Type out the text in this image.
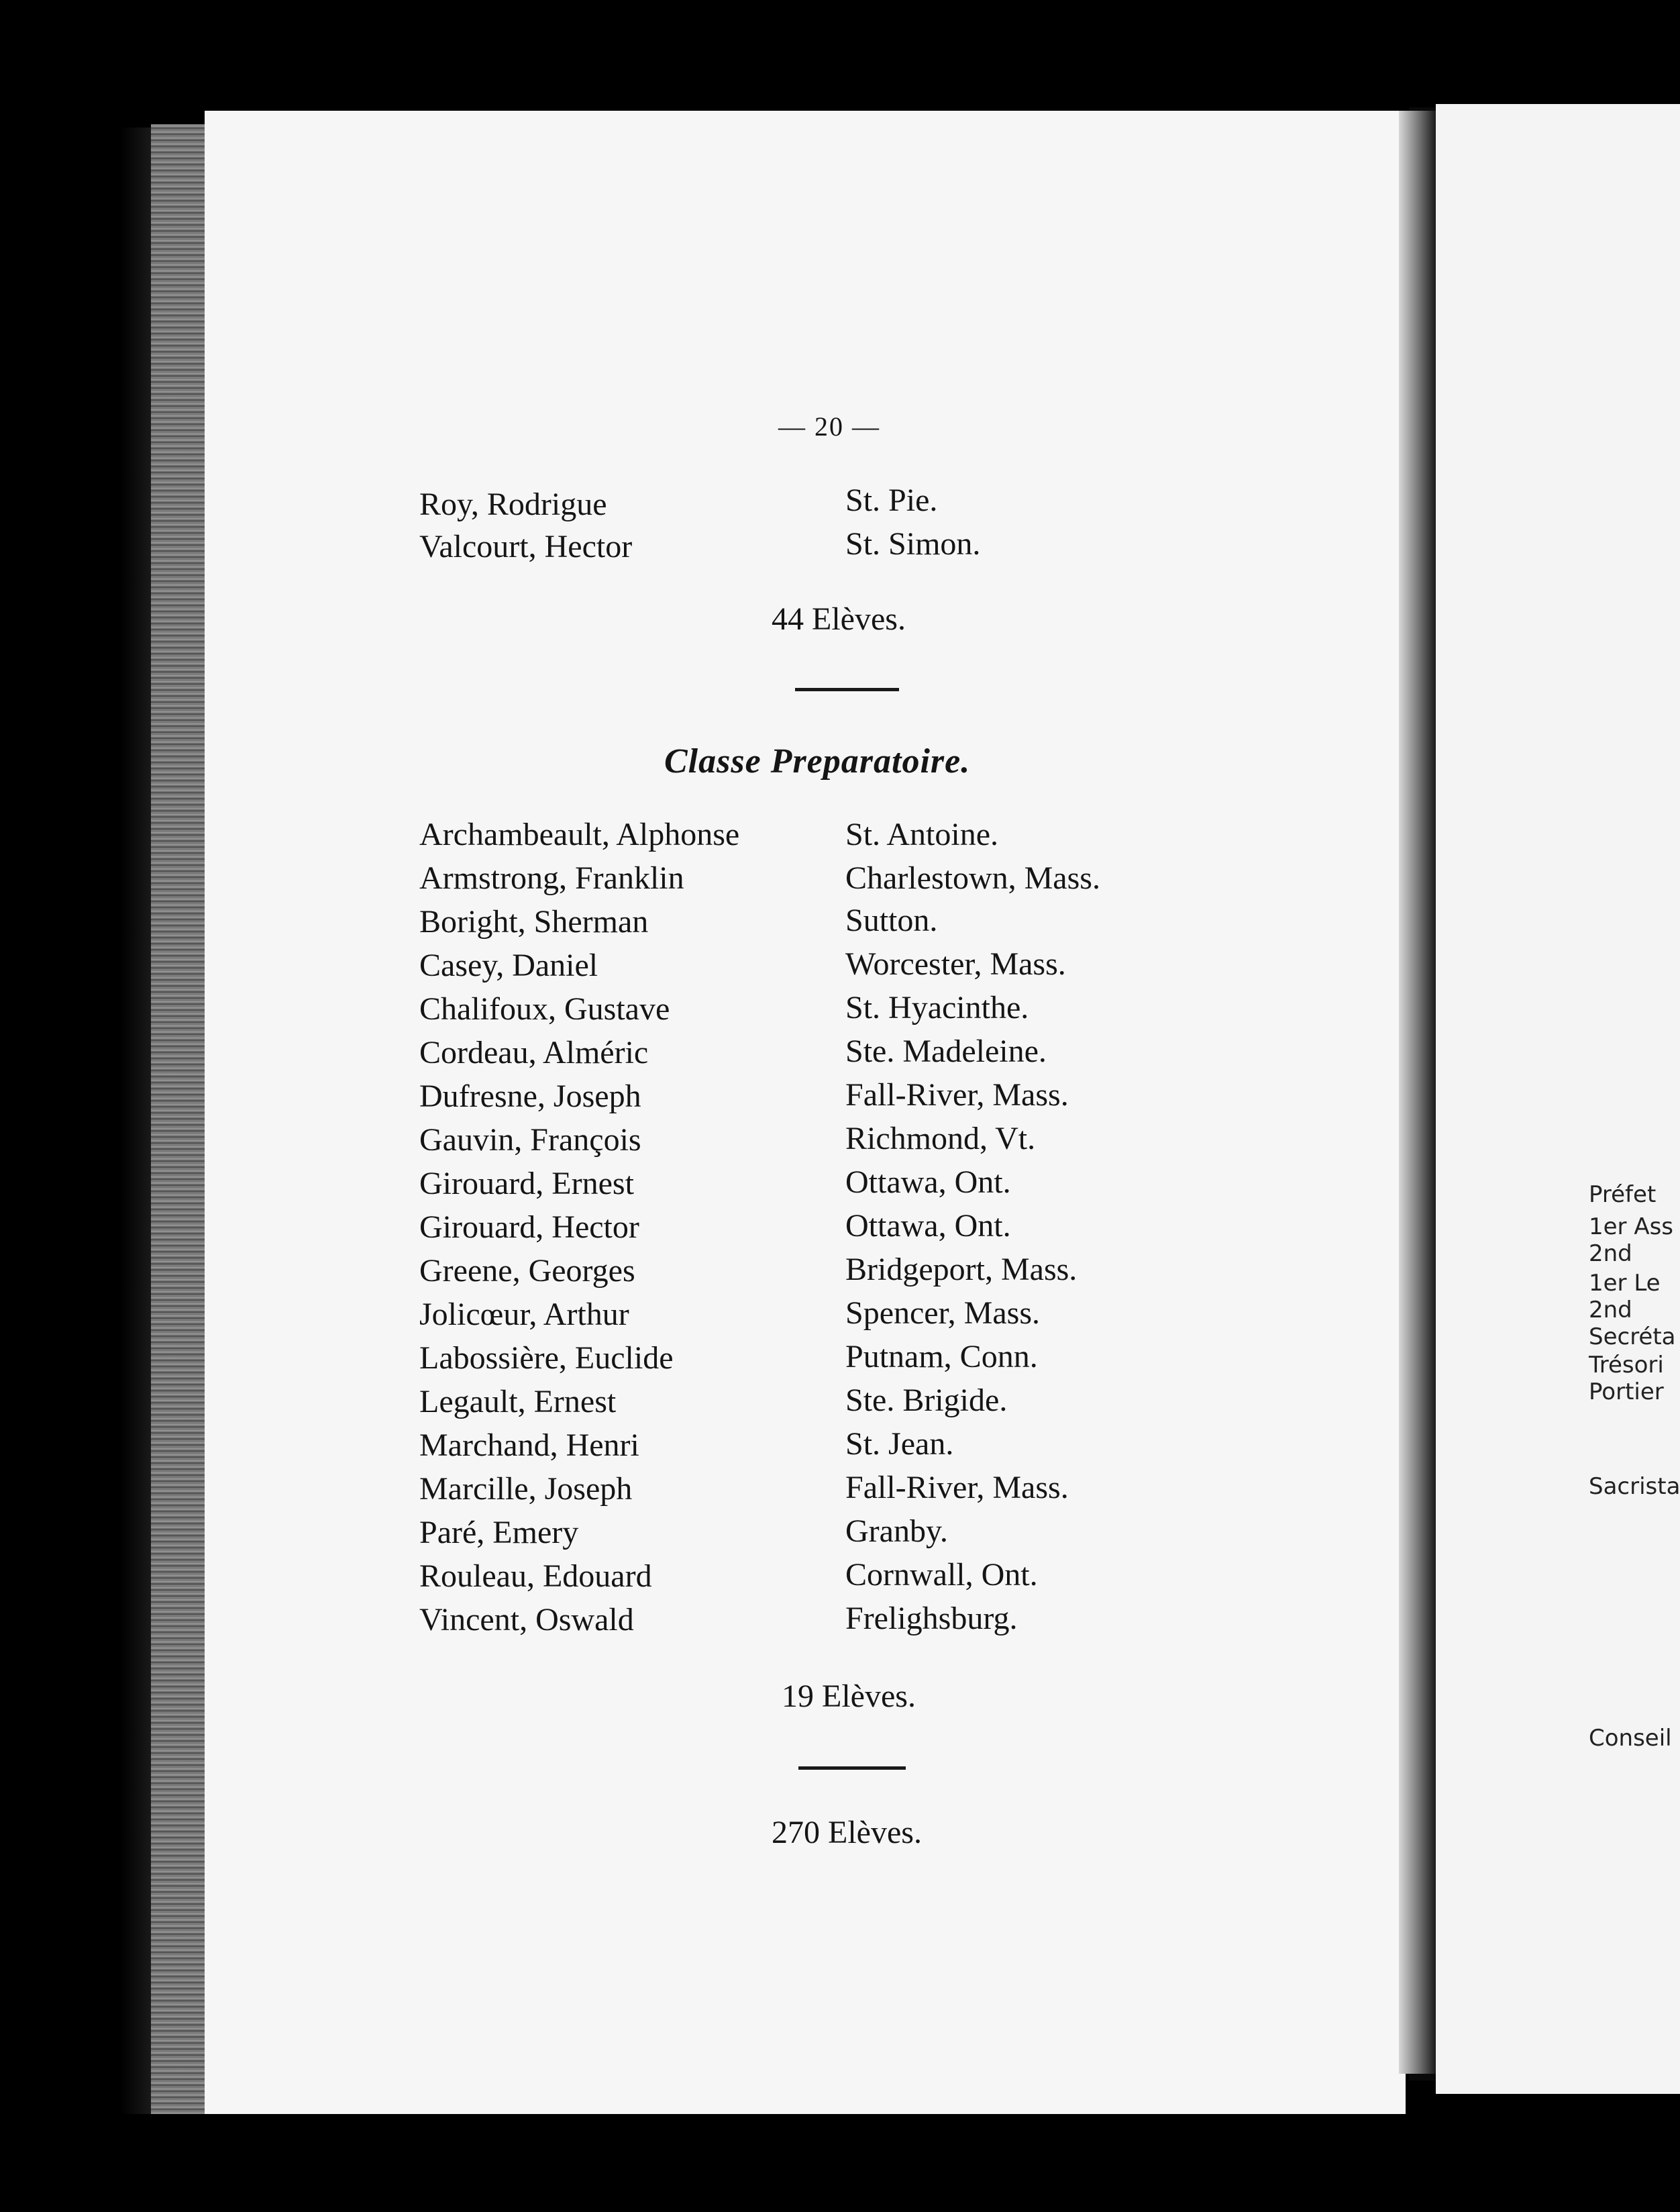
— 20 —
Roy, Rodrigue	St. Pie.
Valcourt, Hector	St. Simon.
44 Elèves.
Classe Preparatoire.
Archambeault, Alphonse	St. Antoine.
Armstrong, Franklin	Charlestown, Mass.
Boright, Sherman	Sutton.
Casey, Daniel	Worcester, Mass.
Chalifoux, Gustave	St. Hyacinthe.
Cordeau, Alméric	Ste. Madeleine.
Dufresne, Joseph	Fall-River, Mass.
Gauvin, François	Richmond, Vt.
Girouard, Ernest	Ottawa, Ont.
Girouard, Hector	Ottawa, Ont.
Greene, Georges	Bridgeport, Mass.
Jolicœur, Arthur	Spencer, Mass.
Labossière, Euclide	Putnam, Conn.
Legault, Ernest	Ste. Brigide.
Marchand, Henri	St. Jean.
Marcille, Joseph	Fall-River, Mass.
Paré, Emery	Granby.
Rouleau, Edouard	Cornwall, Ont.
Vincent, Oswald	Frelighsburg.
19 Elèves.
270 Elèves.
Préfet
1er Ass
2nd
1er Le
2nd
Secréta
Trésori
Portier
Sacrista
Conseil
